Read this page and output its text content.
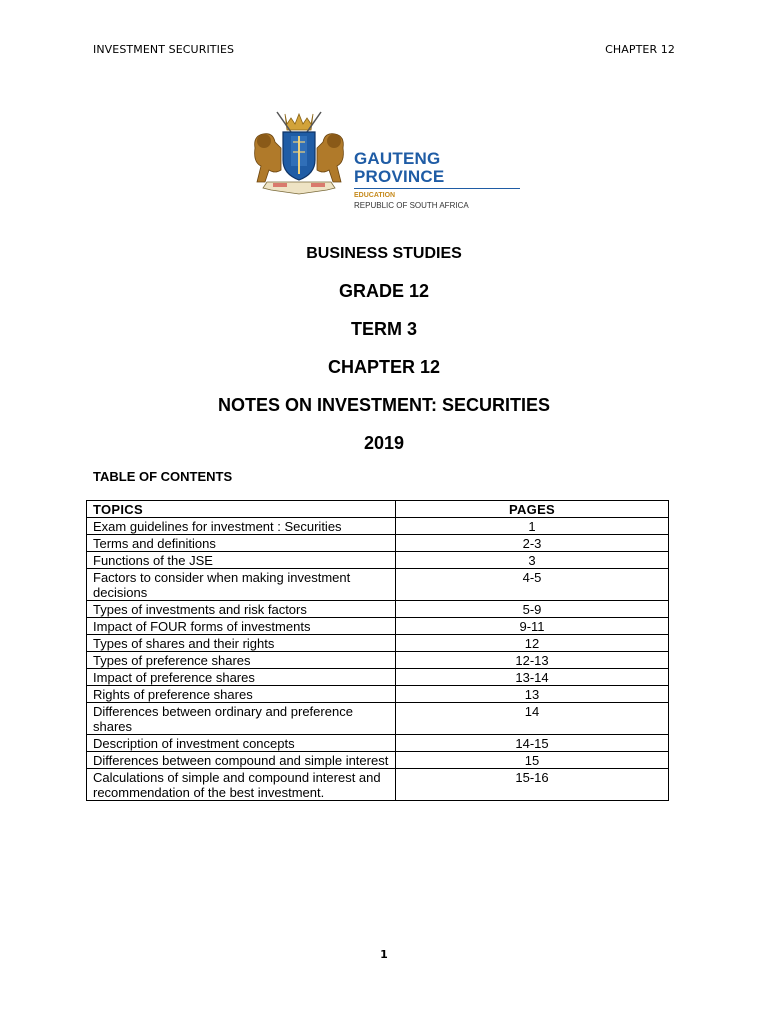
INVESTMENT SECURITIES	CHAPTER 12
GAUTENG PROVINCE
EDUCATION
REPUBLIC OF SOUTH AFRICA
BUSINESS STUDIES
GRADE 12
TERM 3
CHAPTER 12
NOTES ON INVESTMENT: SECURITIES
2019
TABLE OF CONTENTS
TOPICS	PAGES
Exam guidelines for investment : Securities	1
Terms and definitions	2-3
Functions of the JSE	3
Factors to consider when making investment decisions	4-5
Types of investments and risk factors	5-9
Impact of FOUR forms of investments	9-11
Types of shares and their rights	12
Types of preference shares	12-13
Impact of preference shares	13-14
Rights of preference shares	13
Differences between ordinary and preference shares	14
Description of investment concepts	14-15
Differences between compound and simple interest	15
Calculations of simple and compound interest and recommendation of the best investment.	15-16
1
